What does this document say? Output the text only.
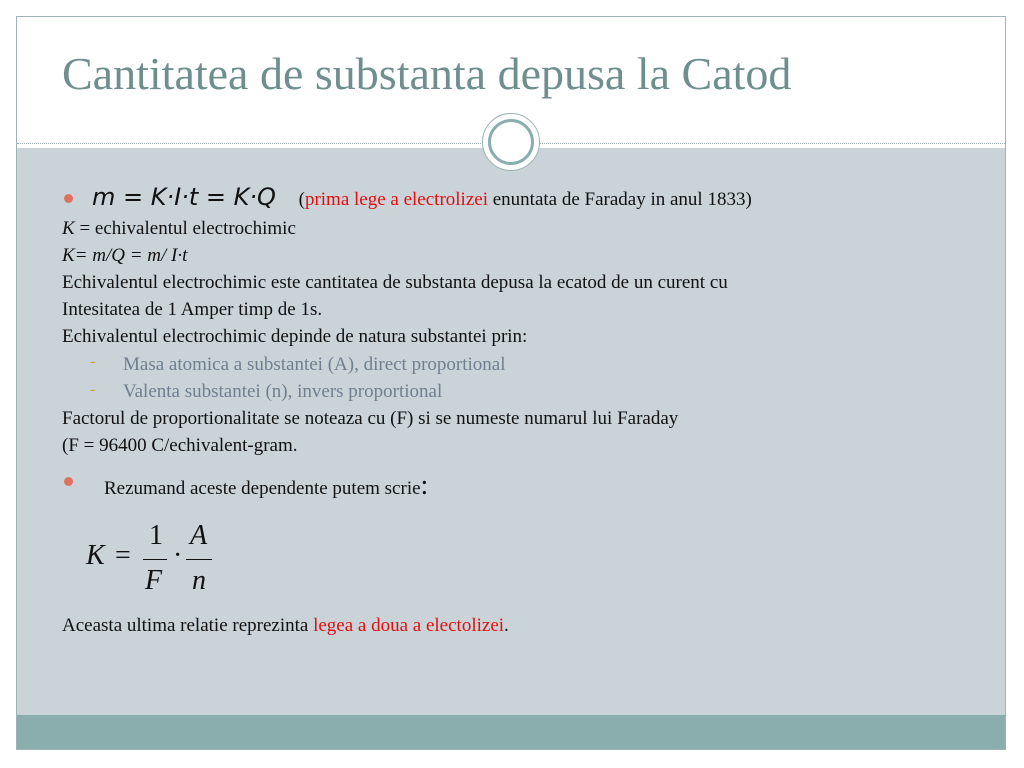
Cantitatea de substanta depusa la Catod
m = K·I·t = K·Q (prima lege a electrolizei enuntata de Faraday in anul 1833)
K = echivalentul electrochimic
K= m/Q = m/ I·t
Echivalentul electrochimic este cantitatea de substanta depusa la ecatod de un curent cu
Intesitatea de 1 Amper timp de 1s.
Echivalentul electrochimic depinde de natura substantei prin:
- Masa atomica a substantei (A), direct proportional
- Valenta substantei (n), invers proportional
Factorul de proportionalitate se noteaza cu (F) si se numeste numarul lui Faraday
(F = 96400 C/echivalent-gram.
Rezumand aceste dependente putem scrie:
K =
1
F
·
A
n
Aceasta ultima relatie reprezinta legea a doua a electolizei.
